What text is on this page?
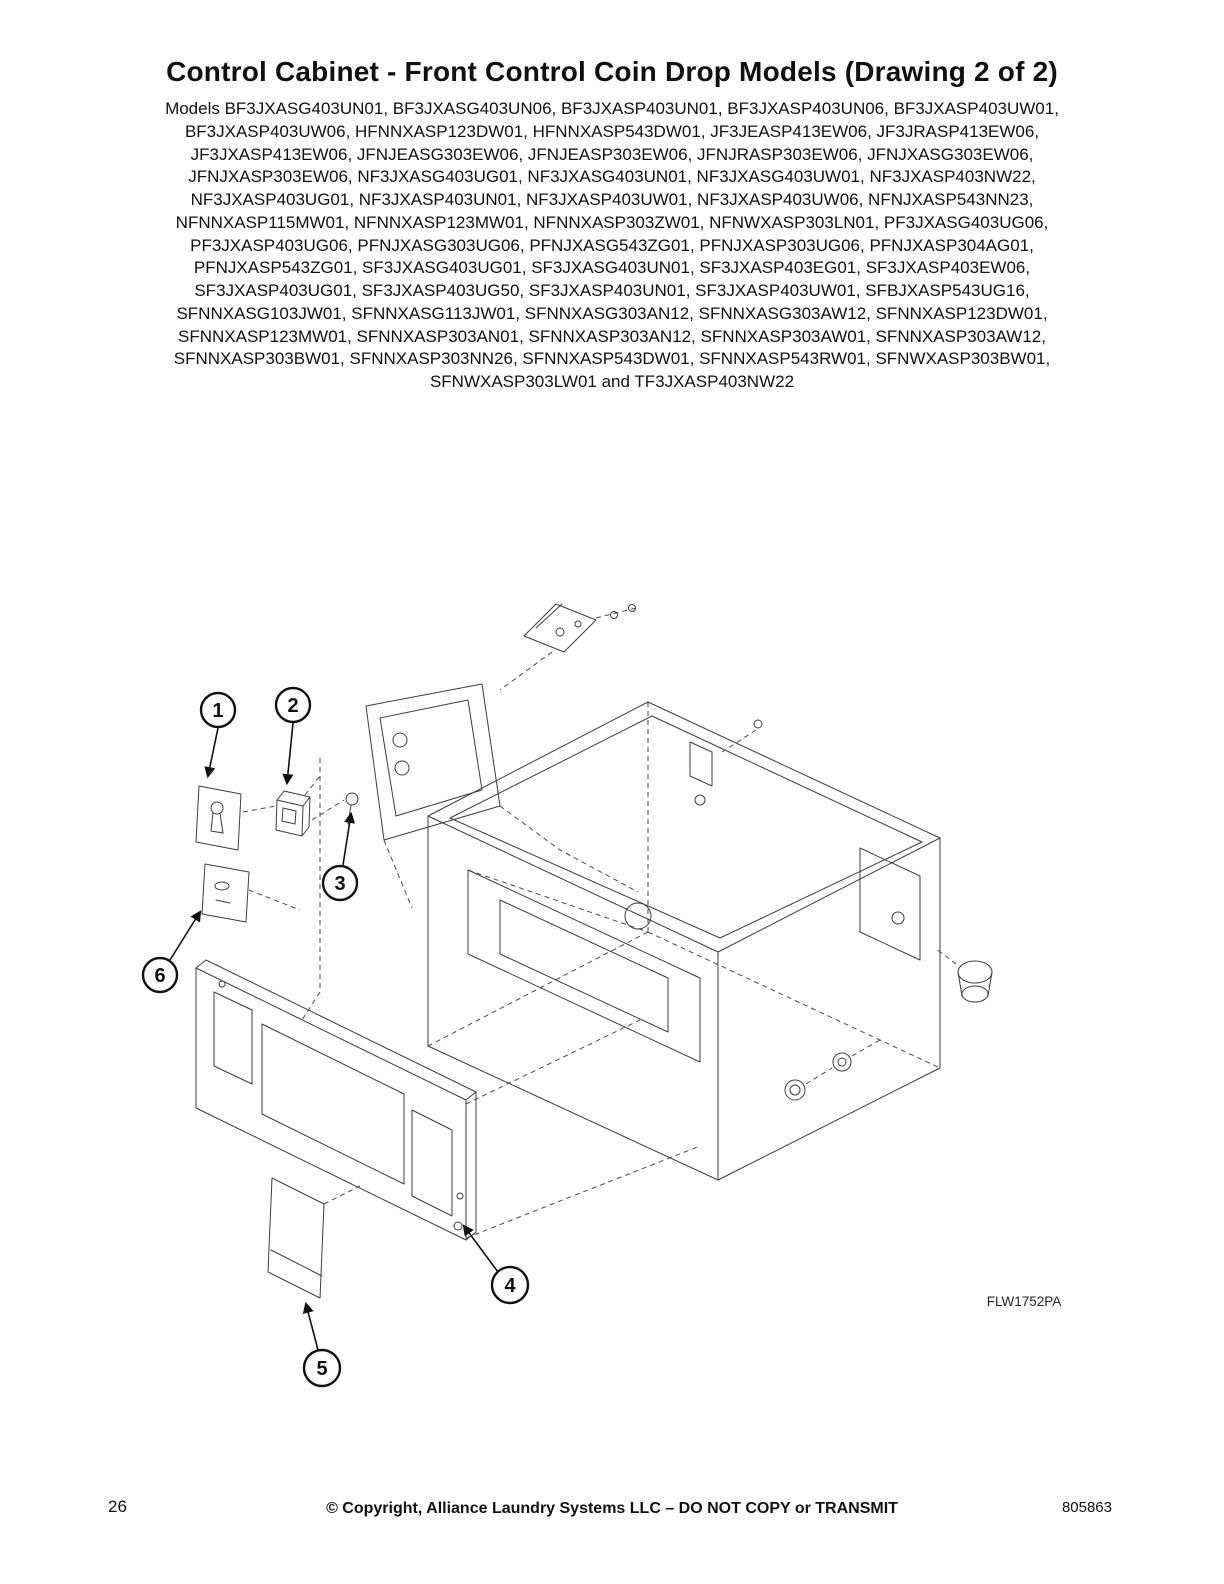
Control Cabinet - Front Control Coin Drop Models (Drawing 2 of 2)
Models BF3JXASG403UN01, BF3JXASG403UN06, BF3JXASP403UN01, BF3JXASP403UN06, BF3JXASP403UW01,
BF3JXASP403UW06, HFNNXASP123DW01, HFNNXASP543DW01, JF3JEASP413EW06, JF3JRASP413EW06,
JF3JXASP413EW06, JFNJEASG303EW06, JFNJEASP303EW06, JFNJRASP303EW06, JFNJXASG303EW06,
JFNJXASP303EW06, NF3JXASG403UG01, NF3JXASG403UN01, NF3JXASG403UW01, NF3JXASP403NW22,
NF3JXASP403UG01, NF3JXASP403UN01, NF3JXASP403UW01, NF3JXASP403UW06, NFNJXASP543NN23,
NFNNXASP115MW01, NFNNXASP123MW01, NFNNXASP303ZW01, NFNWXASP303LN01, PF3JXASG403UG06,
PF3JXASP403UG06, PFNJXASG303UG06, PFNJXASG543ZG01, PFNJXASP303UG06, PFNJXASP304AG01,
PFNJXASP543ZG01, SF3JXASG403UG01, SF3JXASG403UN01, SF3JXASP403EG01, SF3JXASP403EW06,
SF3JXASP403UG01, SF3JXASP403UG50, SF3JXASP403UN01, SF3JXASP403UW01, SFBJXASP543UG16,
SFNNXASG103JW01, SFNNXASG113JW01, SFNNXASG303AN12, SFNNXASG303AW12, SFNNXASP123DW01,
SFNNXASP123MW01, SFNNXASP303AN01, SFNNXASP303AN12, SFNNXASP303AW01, SFNNXASP303AW12,
SFNNXASP303BW01, SFNNXASP303NN26, SFNNXASP543DW01, SFNNXASP543RW01, SFNWXASP303BW01,
SFNWXASP303LW01 and TF3JXASP403NW22
1	2
3
4
5
6
FLW1752PA
26	© Copyright, Alliance Laundry Systems LLC – DO NOT COPY or TRANSMIT	805863
